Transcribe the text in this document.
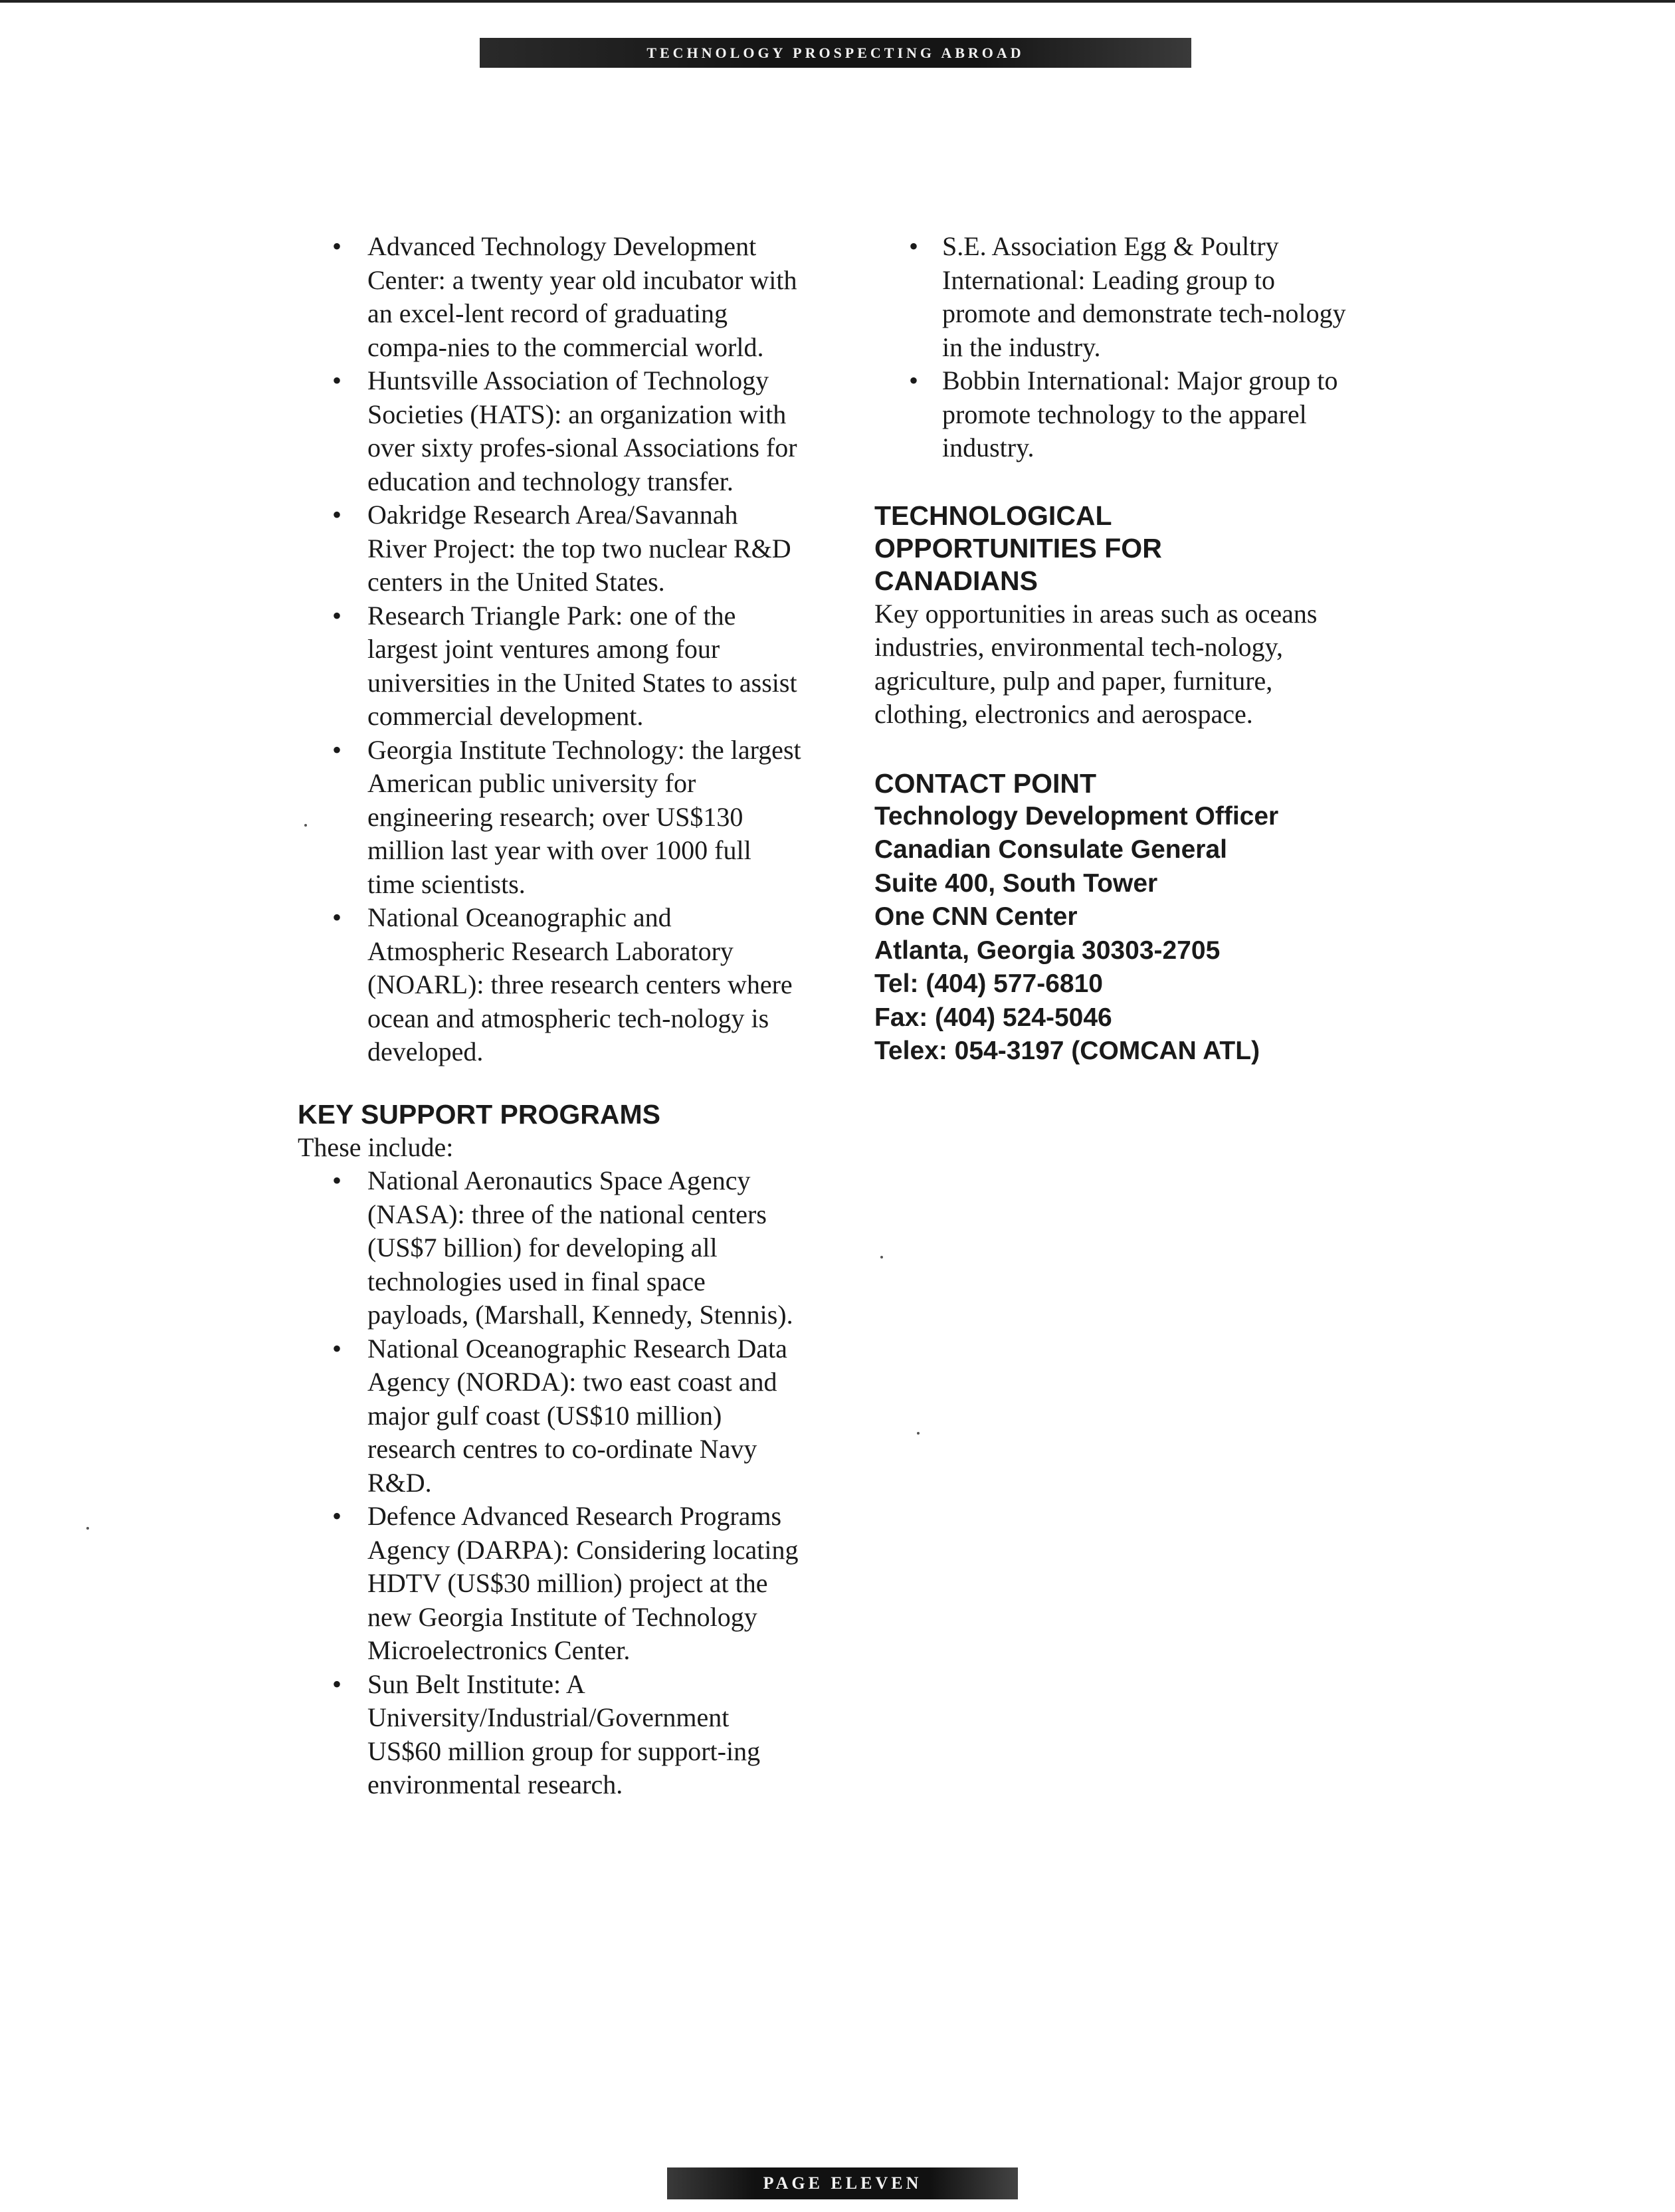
TECHNOLOGY PROSPECTING ABROAD
• Advanced Technology Development Center: a twenty year old incubator with an excel-lent record of graduating compa-nies to the commercial world.
• Huntsville Association of Technology Societies (HATS): an organization with over sixty profes-sional Associations for education and technology transfer.
• Oakridge Research Area/Savannah River Project: the top two nuclear R&D centers in the United States.
• Research Triangle Park: one of the largest joint ventures among four universities in the United States to assist commercial development.
• Georgia Institute Technology: the largest American public university for engineering research; over US$130 million last year with over 1000 full time scientists.
• National Oceanographic and Atmospheric Research Laboratory (NOARL): three research centers where ocean and atmospheric tech-nology is developed.
KEY SUPPORT PROGRAMS

These include:

• National Aeronautics Space Agency (NASA): three of the national centers (US$7 billion) for developing all technologies used in final space payloads, (Marshall, Kennedy, Stennis).
• National Oceanographic Research Data Agency (NORDA): two east coast and major gulf coast (US$10 million) research centres to co-ordinate Navy R&D.
• Defence Advanced Research Programs Agency (DARPA): Considering locating HDTV (US$30 million) project at the new Georgia Institute of Technology Microelectronics Center.
• Sun Belt Institute: A University/Industrial/Government US$60 million group for support-ing environmental research.
• S.E. Association Egg & Poultry International: Leading group to promote and demonstrate tech-nology in the industry.
• Bobbin International: Major group to promote technology to the apparel industry.
TECHNOLOGICAL
OPPORTUNITIES FOR
CANADIANS

Key opportunities in areas such as oceans industries, environmental tech-nology, agriculture, pulp and paper, furniture, clothing, electronics and aerospace.

CONTACT POINT
Technology Development Officer
Canadian Consulate General
Suite 400, South Tower
One CNN Center
Atlanta, Georgia 30303-2705
Tel: (404) 577-6810
Fax: (404) 524-5046
Telex: 054-3197 (COMCAN ATL)
PAGE ELEVEN
